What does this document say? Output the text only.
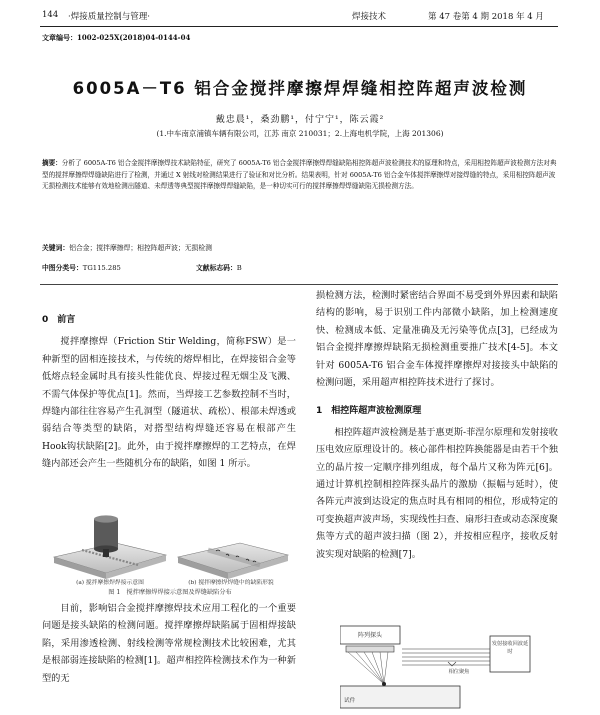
144 ·焊接质量控制与管理·	焊接技术	第 47 卷第 4 期 2018 年 4 月
文章编号：1002-025X(2018)04-0144-04
6005A－T6 铝合金搅拌摩擦焊焊缝相控阵超声波检测
戴忠晨¹，桑劲鹏¹，付宁宁¹，陈云霞²
(1.中车南京浦镇车辆有限公司，江苏 南京 210031；2.上海电机学院，上海 201306)
摘要：分析了 6005A-T6 铝合金搅拌摩擦焊技术缺陷特征，研究了 6005A-T6 铝合金搅拌摩擦焊焊缝缺陷相控阵超声波检测技术的原理和特点，采用相控阵超声波检测方法对典型的搅拌摩擦焊焊缝缺陷进行了检测，并通过 X 射线对检测结果进行了验证和对比分析。结果表明，针对 6005A-T6 铝合金车体搅拌摩擦焊对接焊缝的特点，采用相控阵超声波无损检测技术能够有效地检测出隧道、未焊透等典型搅拌摩擦焊焊缝缺陷，是一种切实可行的搅拌摩擦焊焊缝缺陷无损检测方法。
关键词：铝合金；搅拌摩擦焊；相控阵超声波；无损检测
中图分类号：TG115.285	文献标志码：B
0　前言

搅拌摩擦焊（Friction Stir Welding，简称FSW）是一种新型的固相连接技术，与传统的熔焊相比，在焊接铝合金等低熔点轻金属时具有接头性能优良、焊接过程无烟尘及飞溅、不需气体保护等优点[1]。然而，当焊接工艺参数控制不当时，焊缝内部往往容易产生孔洞型（隧道状、疏松）、根部未焊透或弱结合等类型的缺陷，对搭型结构焊缝还容易在根部产生Hook钩状缺陷[2]。此外，由于搅拌摩擦焊的工艺特点，在焊缝内部还会产生一些随机分布的缺陷，如图 1 所示。

(a) 搅拌摩擦焊焊接示意图	(b) 搅拌摩擦焊焊缝中的缺陷形貌
图 1　搅拌摩擦焊焊接示意图及焊缝缺陷分布

目前，影响铝合金搅拌摩擦焊技术应用工程化的一个重要问题是接头缺陷的检测问题。搅拌摩擦焊缺陷属于固相焊接缺陷，采用渗透检测、射线检测等常规检测技术比较困难，尤其是根部弱连接缺陷的检测[1]。超声相控阵检测技术作为一种新型的无

损检测方法，检测时紧密结合界面不易受到外界因素和缺陷结构的影响，易于识别工件内部微小缺陷，加上检测速度快、检测成本低、定量准确及无污染等优点[3]，已经成为铝合金搅拌摩擦焊缺陷无损检测重要推广技术[4-5]。本文针对 6005A-T6 铝合金车体搅拌摩擦焊对接接头中缺陷的检测问题，采用超声相控阵技术进行了探讨。

1　相控阵超声波检测原理

相控阵超声波检测是基于惠更斯-菲涅尔原理和发射接收压电效应原理设计的。核心部件相控阵换能器是由若干个独立的晶片按一定顺序排列组成，每个晶片又称为阵元[6]。通过计算机控制相控阵探头晶片的激励（振幅与延时），使各阵元声波到达设定的焦点时具有相同的相位，形成特定的可变换超声波声场，实现线性扫查、扇形扫查或动态深度聚焦等方式的超声波扫描（图 2），并按相应程序，接收反射波实现对缺陷的检测[7]。

阵列探头
相位聚焦
发射接收回波延时
试件
